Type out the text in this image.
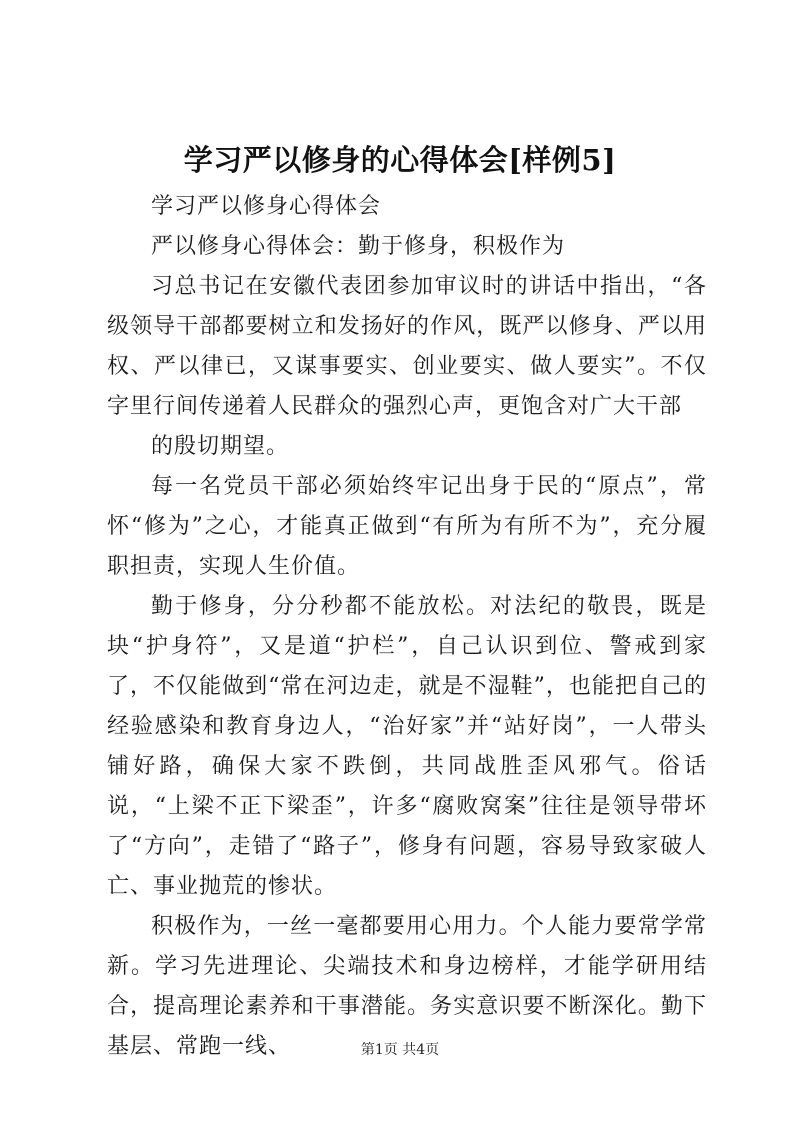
学习严以修身的心得体会[样例5]

学习严以修身心得体会

严以修身心得体会：勤于修身，积极作为

习总书记在安徽代表团参加审议时的讲话中指出，“各级领导干部都要树立和发扬好的作风，既严以修身、严以用权、严以律已，又谋事要实、创业要实、做人要实”。不仅字里行间传递着人民群众的强烈心声，更饱含对广大干部

的殷切期望。

每一名党员干部必须始终牢记出身于民的“原点”，常怀“修为”之心，才能真正做到“有所为有所不为”，充分履职担责，实现人生价值。

勤于修身，分分秒都不能放松。对法纪的敬畏，既是块“护身符”，又是道“护栏”，自己认识到位、警戒到家了，不仅能做到“常在河边走，就是不湿鞋”，也能把自己的经验感染和教育身边人，“治好家”并“站好岗”，一人带头铺好路，确保大家不跌倒，共同战胜歪风邪气。俗话说，“上梁不正下梁歪”，许多“腐败窝案”往往是领导带坏了“方向”，走错了“路子”，修身有问题，容易导致家破人亡、事业抛荒的惨状。

积极作为，一丝一毫都要用心用力。个人能力要常学常新。学习先进理论、尖端技术和身边榜样，才能学研用结合，提高理论素养和干事潜能。务实意识要不断深化。勤下基层、常跑一线、	第1页 共4页
